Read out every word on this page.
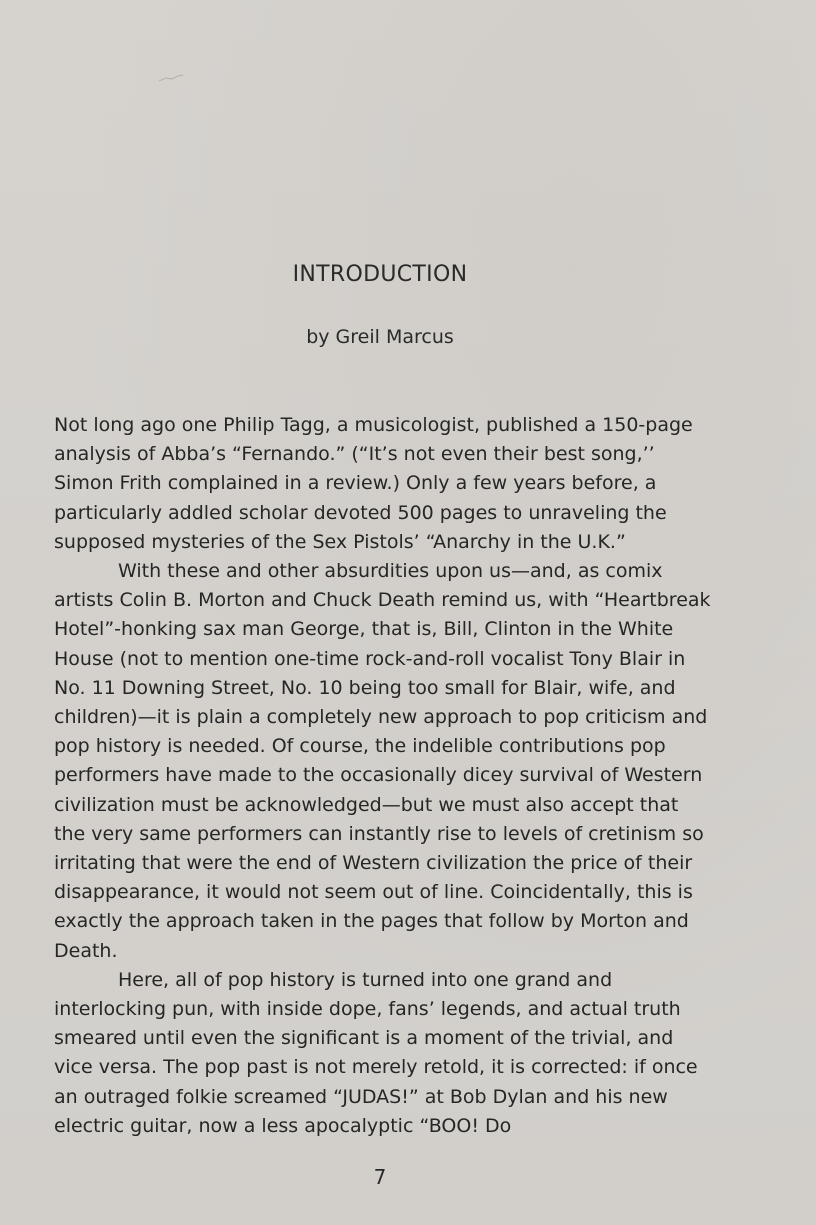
INTRODUCTION
by Greil Marcus

Not long ago one Philip Tagg, a musicologist, published a 150-page analysis of Abba’s “Fernando.” (“It’s not even their best song,’’ Simon Frith complained in a review.) Only a few years before, a particularly addled scholar devoted 500 pages to unraveling the supposed mysteries of the Sex Pistols’ “Anarchy in the U.K.”

With these and other absurdities upon us—and, as comix artists Colin B. Morton and Chuck Death remind us, with “Heartbreak Hotel”-honking sax man George, that is, Bill, Clinton in the White House (not to mention one-time rock-and-roll vocalist Tony Blair in No. 11 Downing Street, No. 10 being too small for Blair, wife, and children)—it is plain a completely new approach to pop criticism and pop history is needed. Of course, the indelible contributions pop performers have made to the occasionally dicey survival of Western civilization must be acknowledged—but we must also accept that the very same performers can instantly rise to levels of cretinism so irritating that were the end of Western civilization the price of their disappearance, it would not seem out of line. Coincidentally, this is exactly the approach taken in the pages that follow by Morton and Death.

Here, all of pop history is turned into one grand and interlocking pun, with inside dope, fans’ legends, and actual truth smeared until even the significant is a moment of the trivial, and vice versa. The pop past is not merely retold, it is corrected: if once an outraged folkie screamed “JUDAS!” at Bob Dylan and his new electric guitar, now a less apocalyptic “BOO! Do

7
